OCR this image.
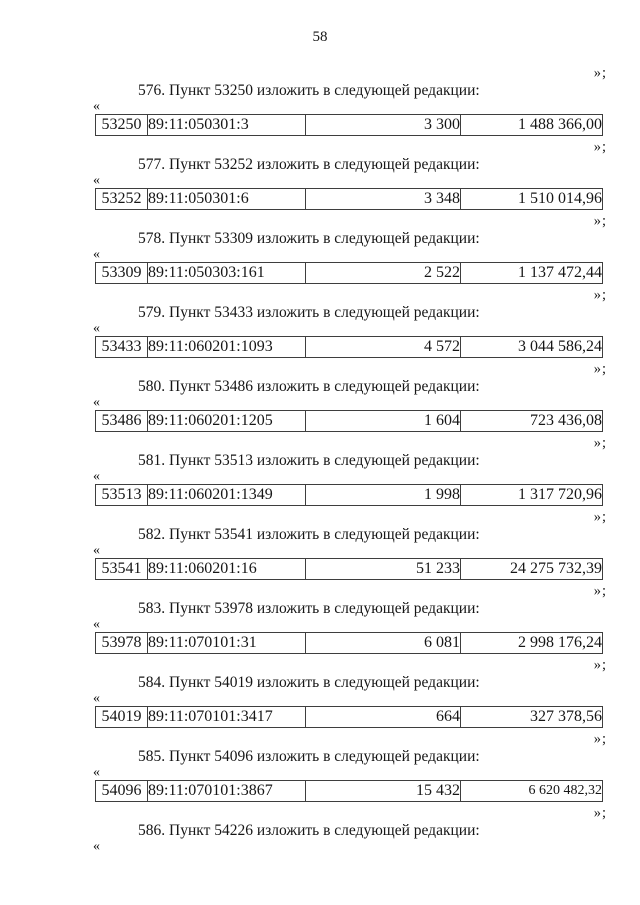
58
»;

576. Пункт 53250 изложить в следующей редакции:

«
53250	89:11:050301:3	3 300	1 488 366,00
»;

577. Пункт 53252 изложить в следующей редакции:

«
53252	89:11:050301:6	3 348	1 510 014,96
»;

578. Пункт 53309 изложить в следующей редакции:

«
53309	89:11:050303:161	2 522	1 137 472,44
»;

579. Пункт 53433 изложить в следующей редакции:

«
53433	89:11:060201:1093	4 572	3 044 586,24
»;

580. Пункт 53486 изложить в следующей редакции:

«
53486	89:11:060201:1205	1 604	723 436,08
»;

581. Пункт 53513 изложить в следующей редакции:

«
53513	89:11:060201:1349	1 998	1 317 720,96
»;

582. Пункт 53541 изложить в следующей редакции:

«
53541	89:11:060201:16	51 233	24 275 732,39
»;

583. Пункт 53978 изложить в следующей редакции:

«
53978	89:11:070101:31	6 081	2 998 176,24
»;

584. Пункт 54019 изложить в следующей редакции:

«
54019	89:11:070101:3417	664	327 378,56
»;

585. Пункт 54096 изложить в следующей редакции:

«
54096	89:11:070101:3867	15 432	6 620 482,32
»;

586. Пункт 54226 изложить в следующей редакции:

«
